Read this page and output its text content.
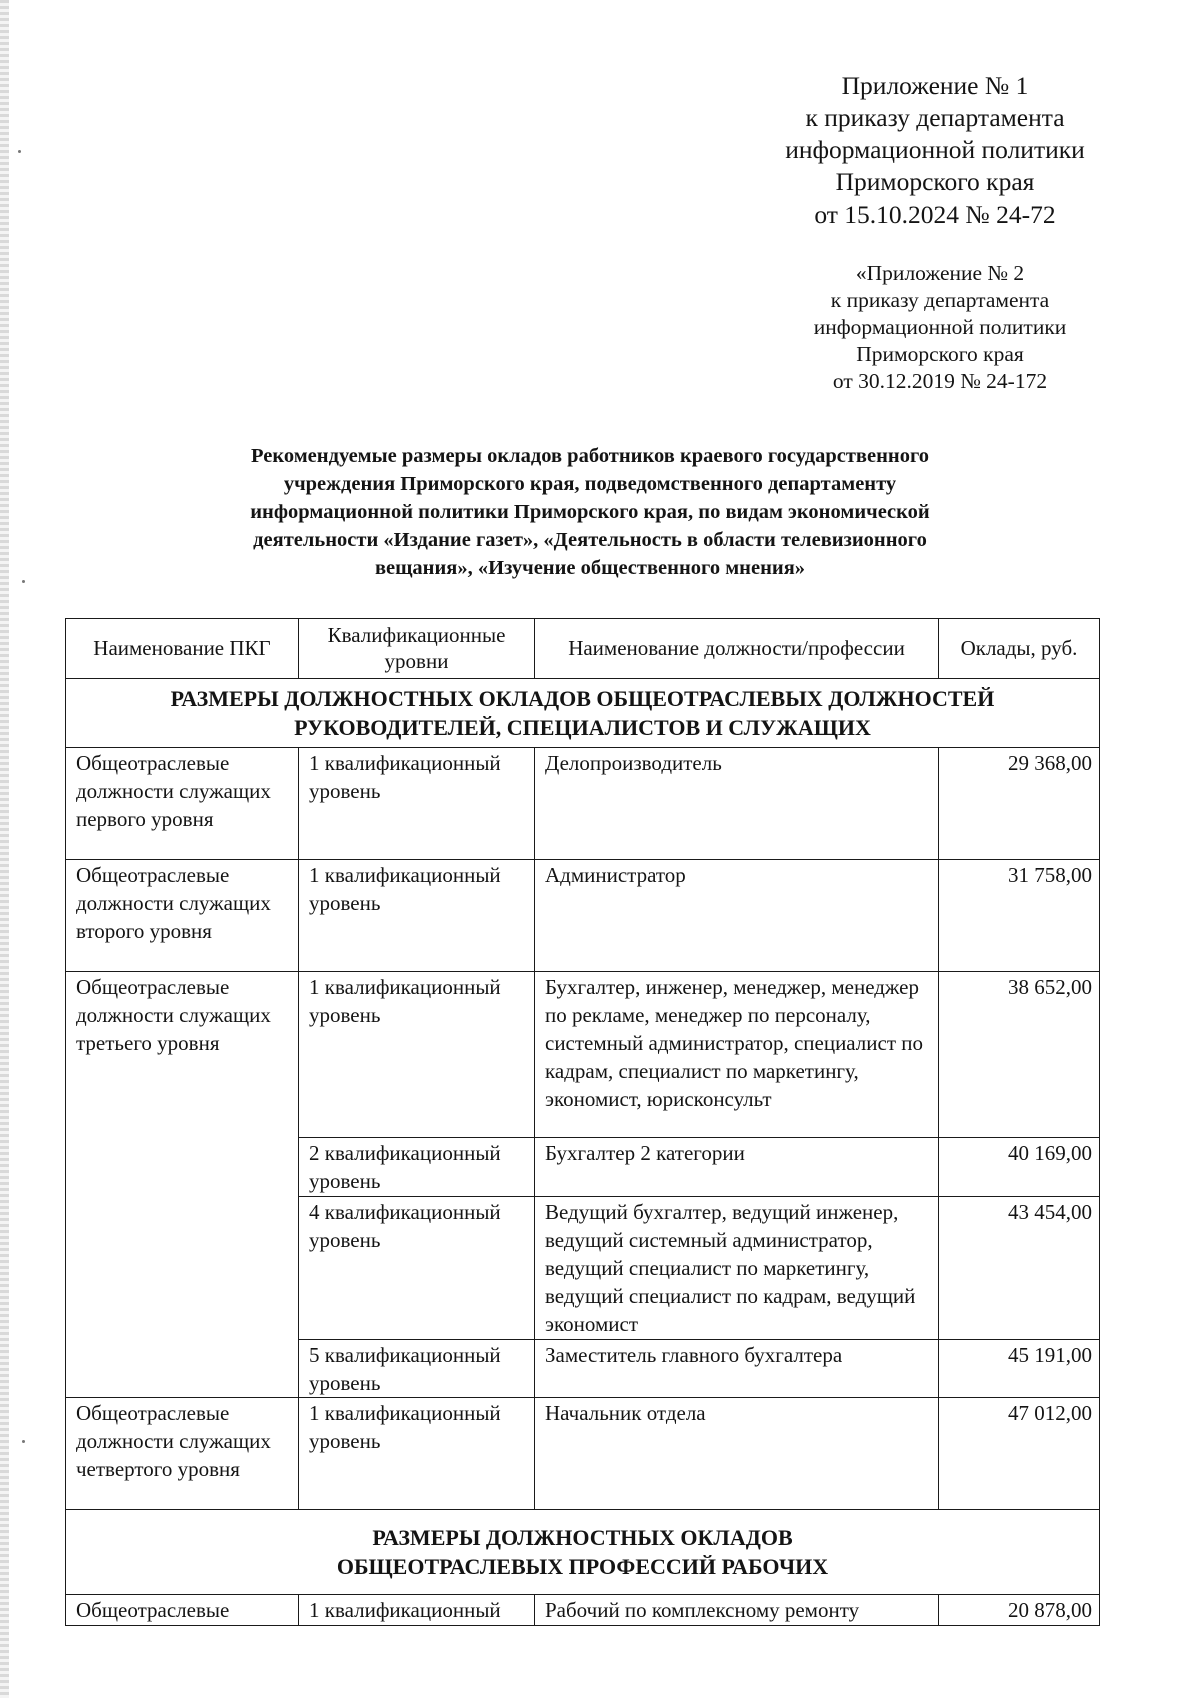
Приложение № 1
к приказу департамента
информационной политики
Приморского края
от 15.10.2024 № 24-72
«Приложение № 2
к приказу департамента
информационной политики
Приморского края
от 30.12.2019 № 24-172
Рекомендуемые размеры окладов работников краевого государственного
учреждения Приморского края, подведомственного департаменту
информационной политики Приморского края, по видам экономической
деятельности «Издание газет», «Деятельность в области телевизионного
вещания», «Изучение общественного мнения»
Наименование ПКГ	Квалификационные уровни	Наименование должности/профессии	Оклады, руб.

РАЗМЕРЫ ДОЛЖНОСТНЫХ ОКЛАДОВ ОБЩЕОТРАСЛЕВЫХ ДОЛЖНОСТЕЙ
РУКОВОДИТЕЛЕЙ, СПЕЦИАЛИСТОВ И СЛУЖАЩИХ			

Общеотраслевые должности служащих первого уровня	1 квалификационный уровень	Делопроизводитель	29 368,00
Общеотраслевые должности служащих второго уровня	1 квалификационный уровень	Администратор	31 758,00
Общеотраслевые должности служащих третьего уровня	1 квалификационный уровень	Бухгалтер, инженер, менеджер, менеджер по рекламе, менеджер по персоналу, системный администратор, специалист по кадрам, специалист по маркетингу, экономист, юрисконсульт	38 652,00
	2 квалификационный уровень	Бухгалтер 2 категории	40 169,00
	4 квалификационный уровень	Ведущий бухгалтер, ведущий инженер, ведущий системный администратор, ведущий специалист по маркетингу, ведущий специалист по кадрам, ведущий экономист	43 454,00
	5 квалификационный уровень	Заместитель главного бухгалтера	45 191,00
Общеотраслевые должности служащих четвертого уровня	1 квалификационный уровень	Начальник отдела	47 012,00

РАЗМЕРЫ ДОЛЖНОСТНЫХ ОКЛАДОВ
ОБЩЕОТРАСЛЕВЫХ ПРОФЕССИЙ РАБОЧИХ			

Общеотраслевые	1 квалификационный	Рабочий по комплексному ремонту	20 878,00
